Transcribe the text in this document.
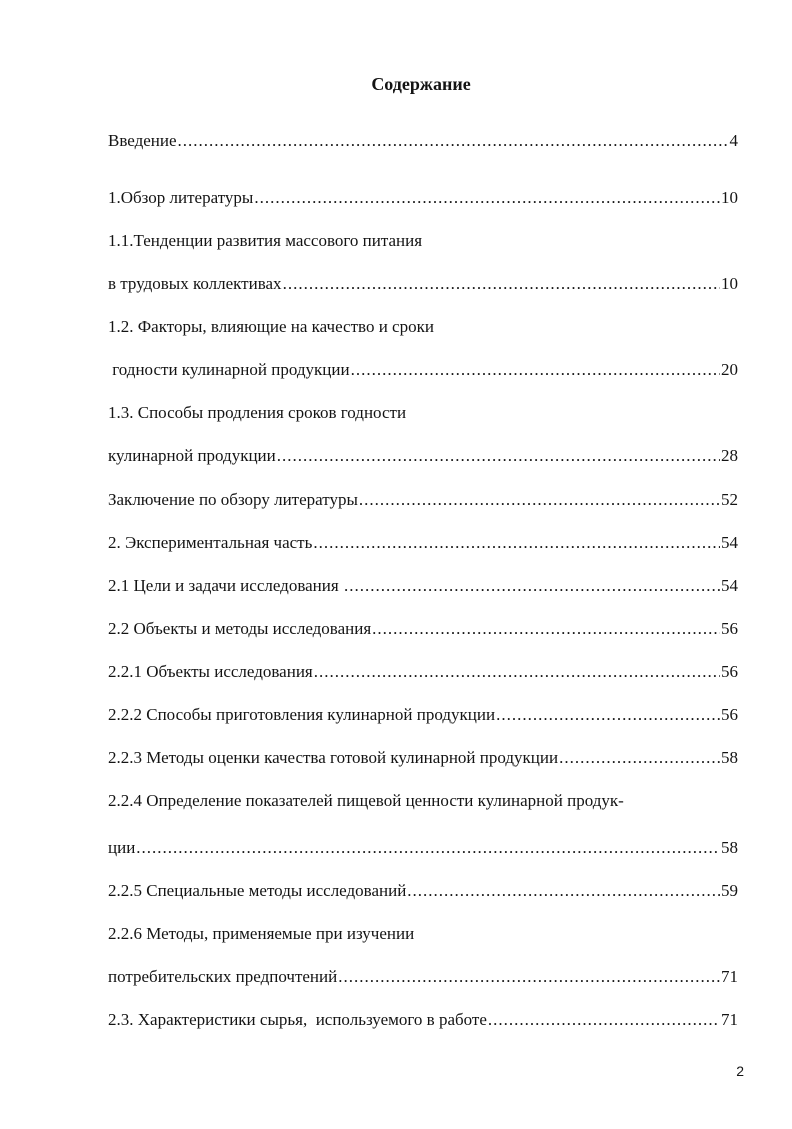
Содержание
Введение .....	4
1.Обзор литературы .....	10
1.1.Тенденции развития массового питания
в трудовых коллективах .....	10
1.2. Факторы, влияющие на качество и сроки
годности кулинарной продукции .....	20
1.3. Способы продления сроков годности
кулинарной продукции .....	28
Заключение по обзору литературы .....	52
2. Экспериментальная часть .....	54
2.1 Цели и задачи исследования .....	54
2.2 Объекты и методы исследования .....	56
2.2.1 Объекты исследования .....	56
2.2.2 Способы приготовления кулинарной продукции .....	56
2.2.3 Методы оценки качества готовой кулинарной продукции .....	58
2.2.4 Определение показателей пищевой ценности кулинарной продук-
ции .....	58
2.2.5 Специальные методы исследований .....	59
2.2.6 Методы, применяемые при изучении
потребительских предпочтений .....	71
2.3. Характеристики сырья,  используемого в работе .....	71
2
